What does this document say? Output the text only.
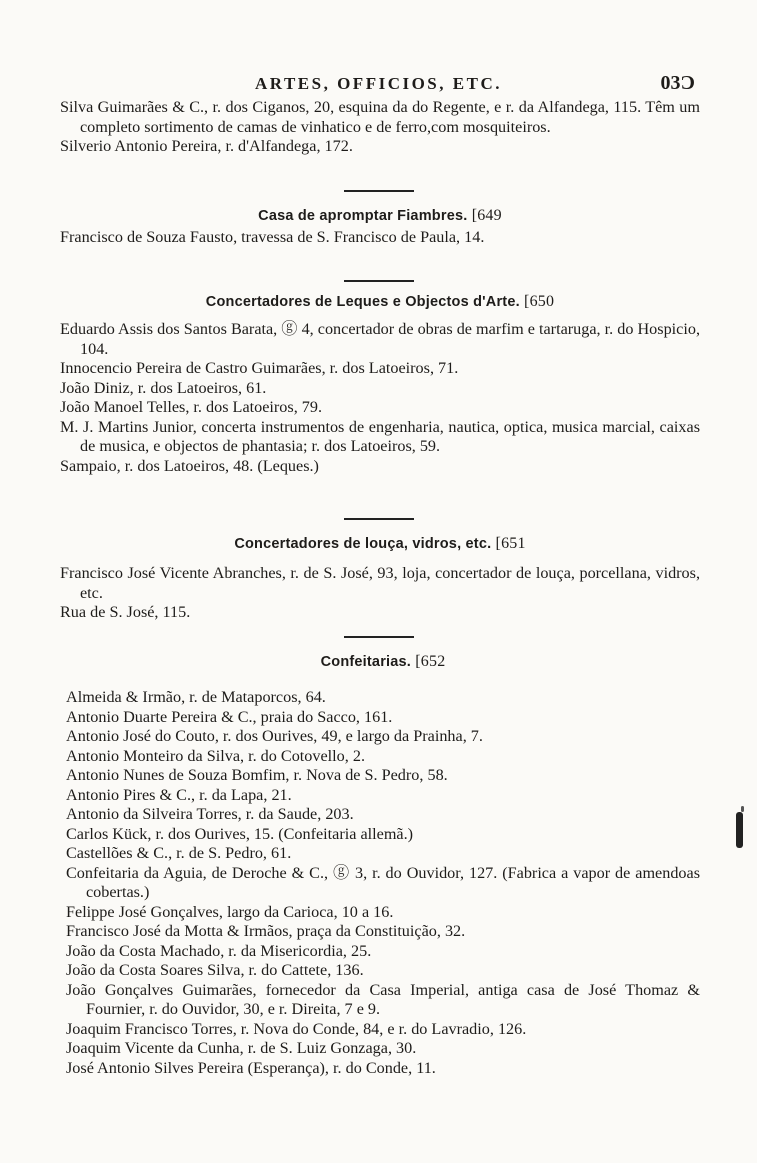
ARTES, OFFICIOS, ETC.	03Ɔ

Silva Guimarães & C., r. dos Ciganos, 20, esquina da do Regente, e r. da Alfandega, 115. Têm um completo sortimento de camas de vinhatico e de ferro,com mosquiteiros.

Silverio Antonio Pereira, r. d'Alfandega, 172.

Casa de apromptar Fiambres. [649

Francisco de Souza Fausto, travessa de S. Francisco de Paula, 14.

Concertadores de Leques e Objectos d'Arte. [650

Eduardo Assis dos Santos Barata, ⓖ 4, concertador de obras de marfim e tartaruga, r. do Hospicio, 104.

Innocencio Pereira de Castro Guimarães, r. dos Latoeiros, 71.

João Diniz, r. dos Latoeiros, 61.

João Manoel Telles, r. dos Latoeiros, 79.

M. J. Martins Junior, concerta instrumentos de engenharia, nautica, optica, musica marcial, caixas de musica, e objectos de phantasia; r. dos Latoeiros, 59.

Sampaio, r. dos Latoeiros, 48. (Leques.)

Concertadores de louça, vidros, etc. [651

Francisco José Vicente Abranches, r. de S. José, 93, loja, concertador de louça, porcellana, vidros, etc.

Rua de S. José, 115.

Confeitarias. [652

Almeida & Irmão, r. de Mataporcos, 64.

Antonio Duarte Pereira & C., praia do Sacco, 161.

Antonio José do Couto, r. dos Ourives, 49, e largo da Prainha, 7.

Antonio Monteiro da Silva, r. do Cotovello, 2.

Antonio Nunes de Souza Bomfim, r. Nova de S. Pedro, 58.

Antonio Pires & C., r. da Lapa, 21.

Antonio da Silveira Torres, r. da Saude, 203.

Carlos Kück, r. dos Ourives, 15. (Confeitaria allemã.)

Castellões & C., r. de S. Pedro, 61.

Confeitaria da Aguia, de Deroche & C., ⓖ 3, r. do Ouvidor, 127. (Fabrica a vapor de amendoas cobertas.)

Felippe José Gonçalves, largo da Carioca, 10 a 16.

Francisco José da Motta & Irmãos, praça da Constituição, 32.

João da Costa Machado, r. da Misericordia, 25.

João da Costa Soares Silva, r. do Cattete, 136.

João Gonçalves Guimarães, fornecedor da Casa Imperial, antiga casa de José Thomaz & Fournier, r. do Ouvidor, 30, e r. Direita, 7 e 9.

Joaquim Francisco Torres, r. Nova do Conde, 84, e r. do Lavradio, 126.

Joaquim Vicente da Cunha, r. de S. Luiz Gonzaga, 30.

José Antonio Silves Pereira (Esperança), r. do Conde, 11.
